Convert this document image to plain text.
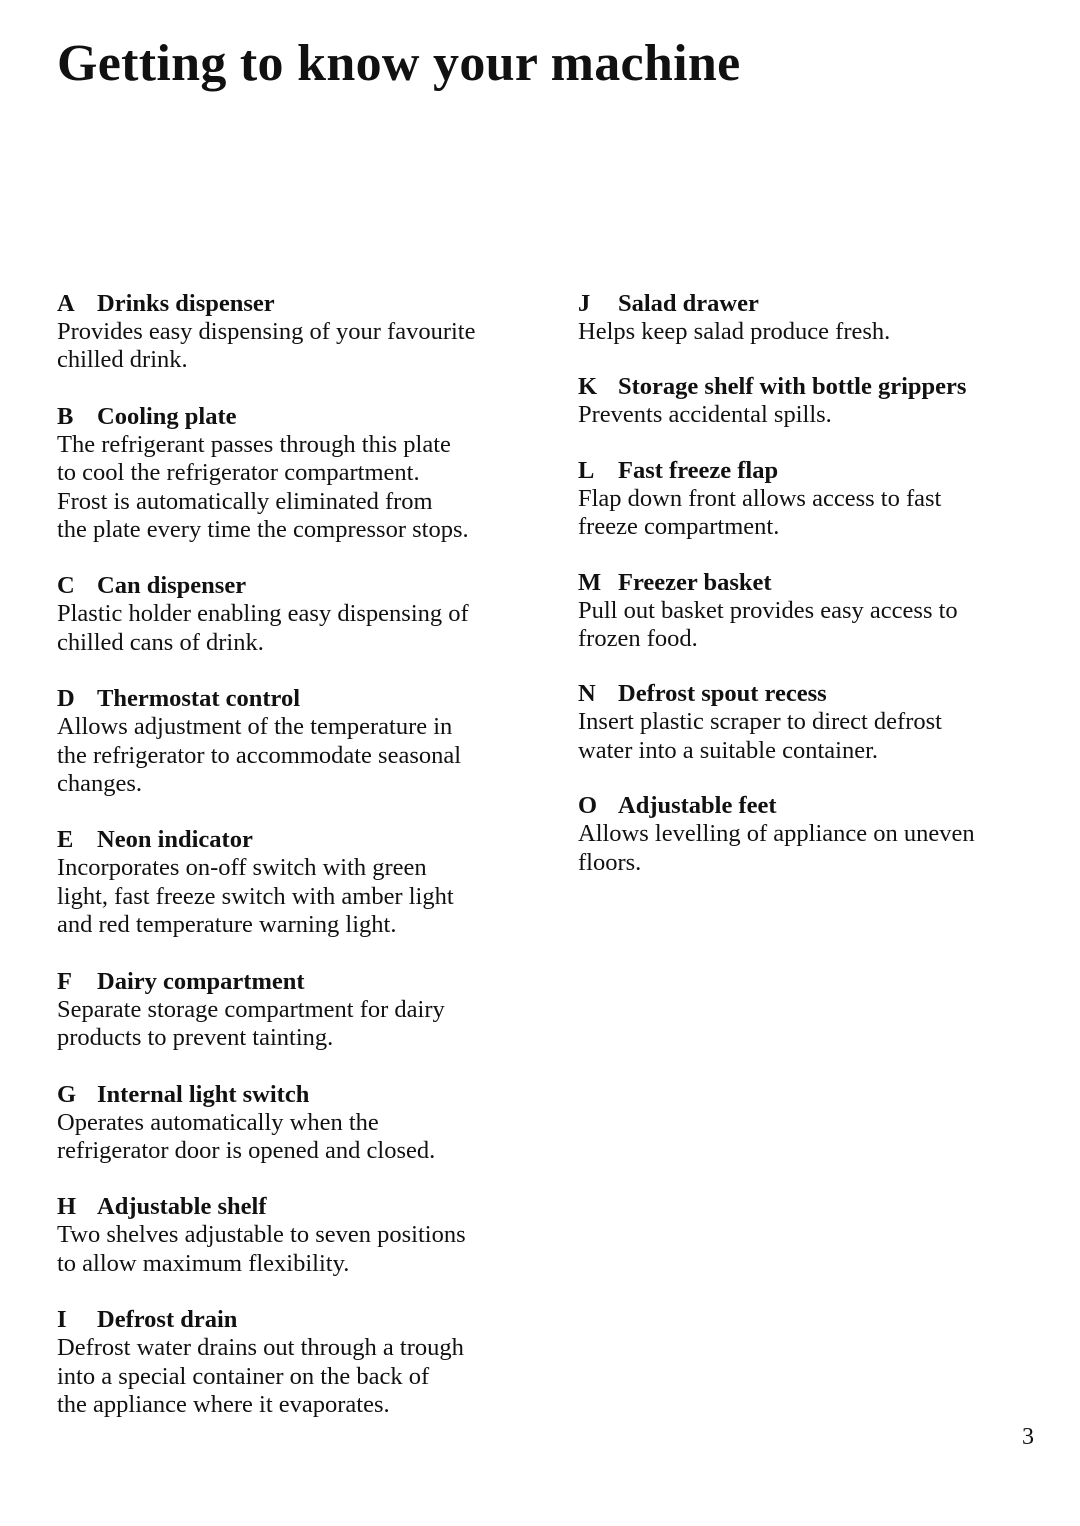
Getting to know your machine
A Drinks dispenser
Provides easy dispensing of your favourite
chilled drink.
B Cooling plate
The refrigerant passes through this plate
to cool the refrigerator compartment.
Frost is automatically eliminated from
the plate every time the compressor stops.
C Can dispenser
Plastic holder enabling easy dispensing of
chilled cans of drink.
D Thermostat control
Allows adjustment of the temperature in
the refrigerator to accommodate seasonal
changes.
E Neon indicator
Incorporates on-off switch with green
light, fast freeze switch with amber light
and red temperature warning light.
F Dairy compartment
Separate storage compartment for dairy
products to prevent tainting.
G Internal light switch
Operates automatically when the
refrigerator door is opened and closed.
H Adjustable shelf
Two shelves adjustable to seven positions
to allow maximum flexibility.
I Defrost drain
Defrost water drains out through a trough
into a special container on the back of
the appliance where it evaporates.
J Salad drawer
Helps keep salad produce fresh.
K Storage shelf with bottle grippers
Prevents accidental spills.
L Fast freeze flap
Flap down front allows access to fast
freeze compartment.
M Freezer basket
Pull out basket provides easy access to
frozen food.
N Defrost spout recess
Insert plastic scraper to direct defrost
water into a suitable container.
O Adjustable feet
Allows levelling of appliance on uneven
floors.
3
